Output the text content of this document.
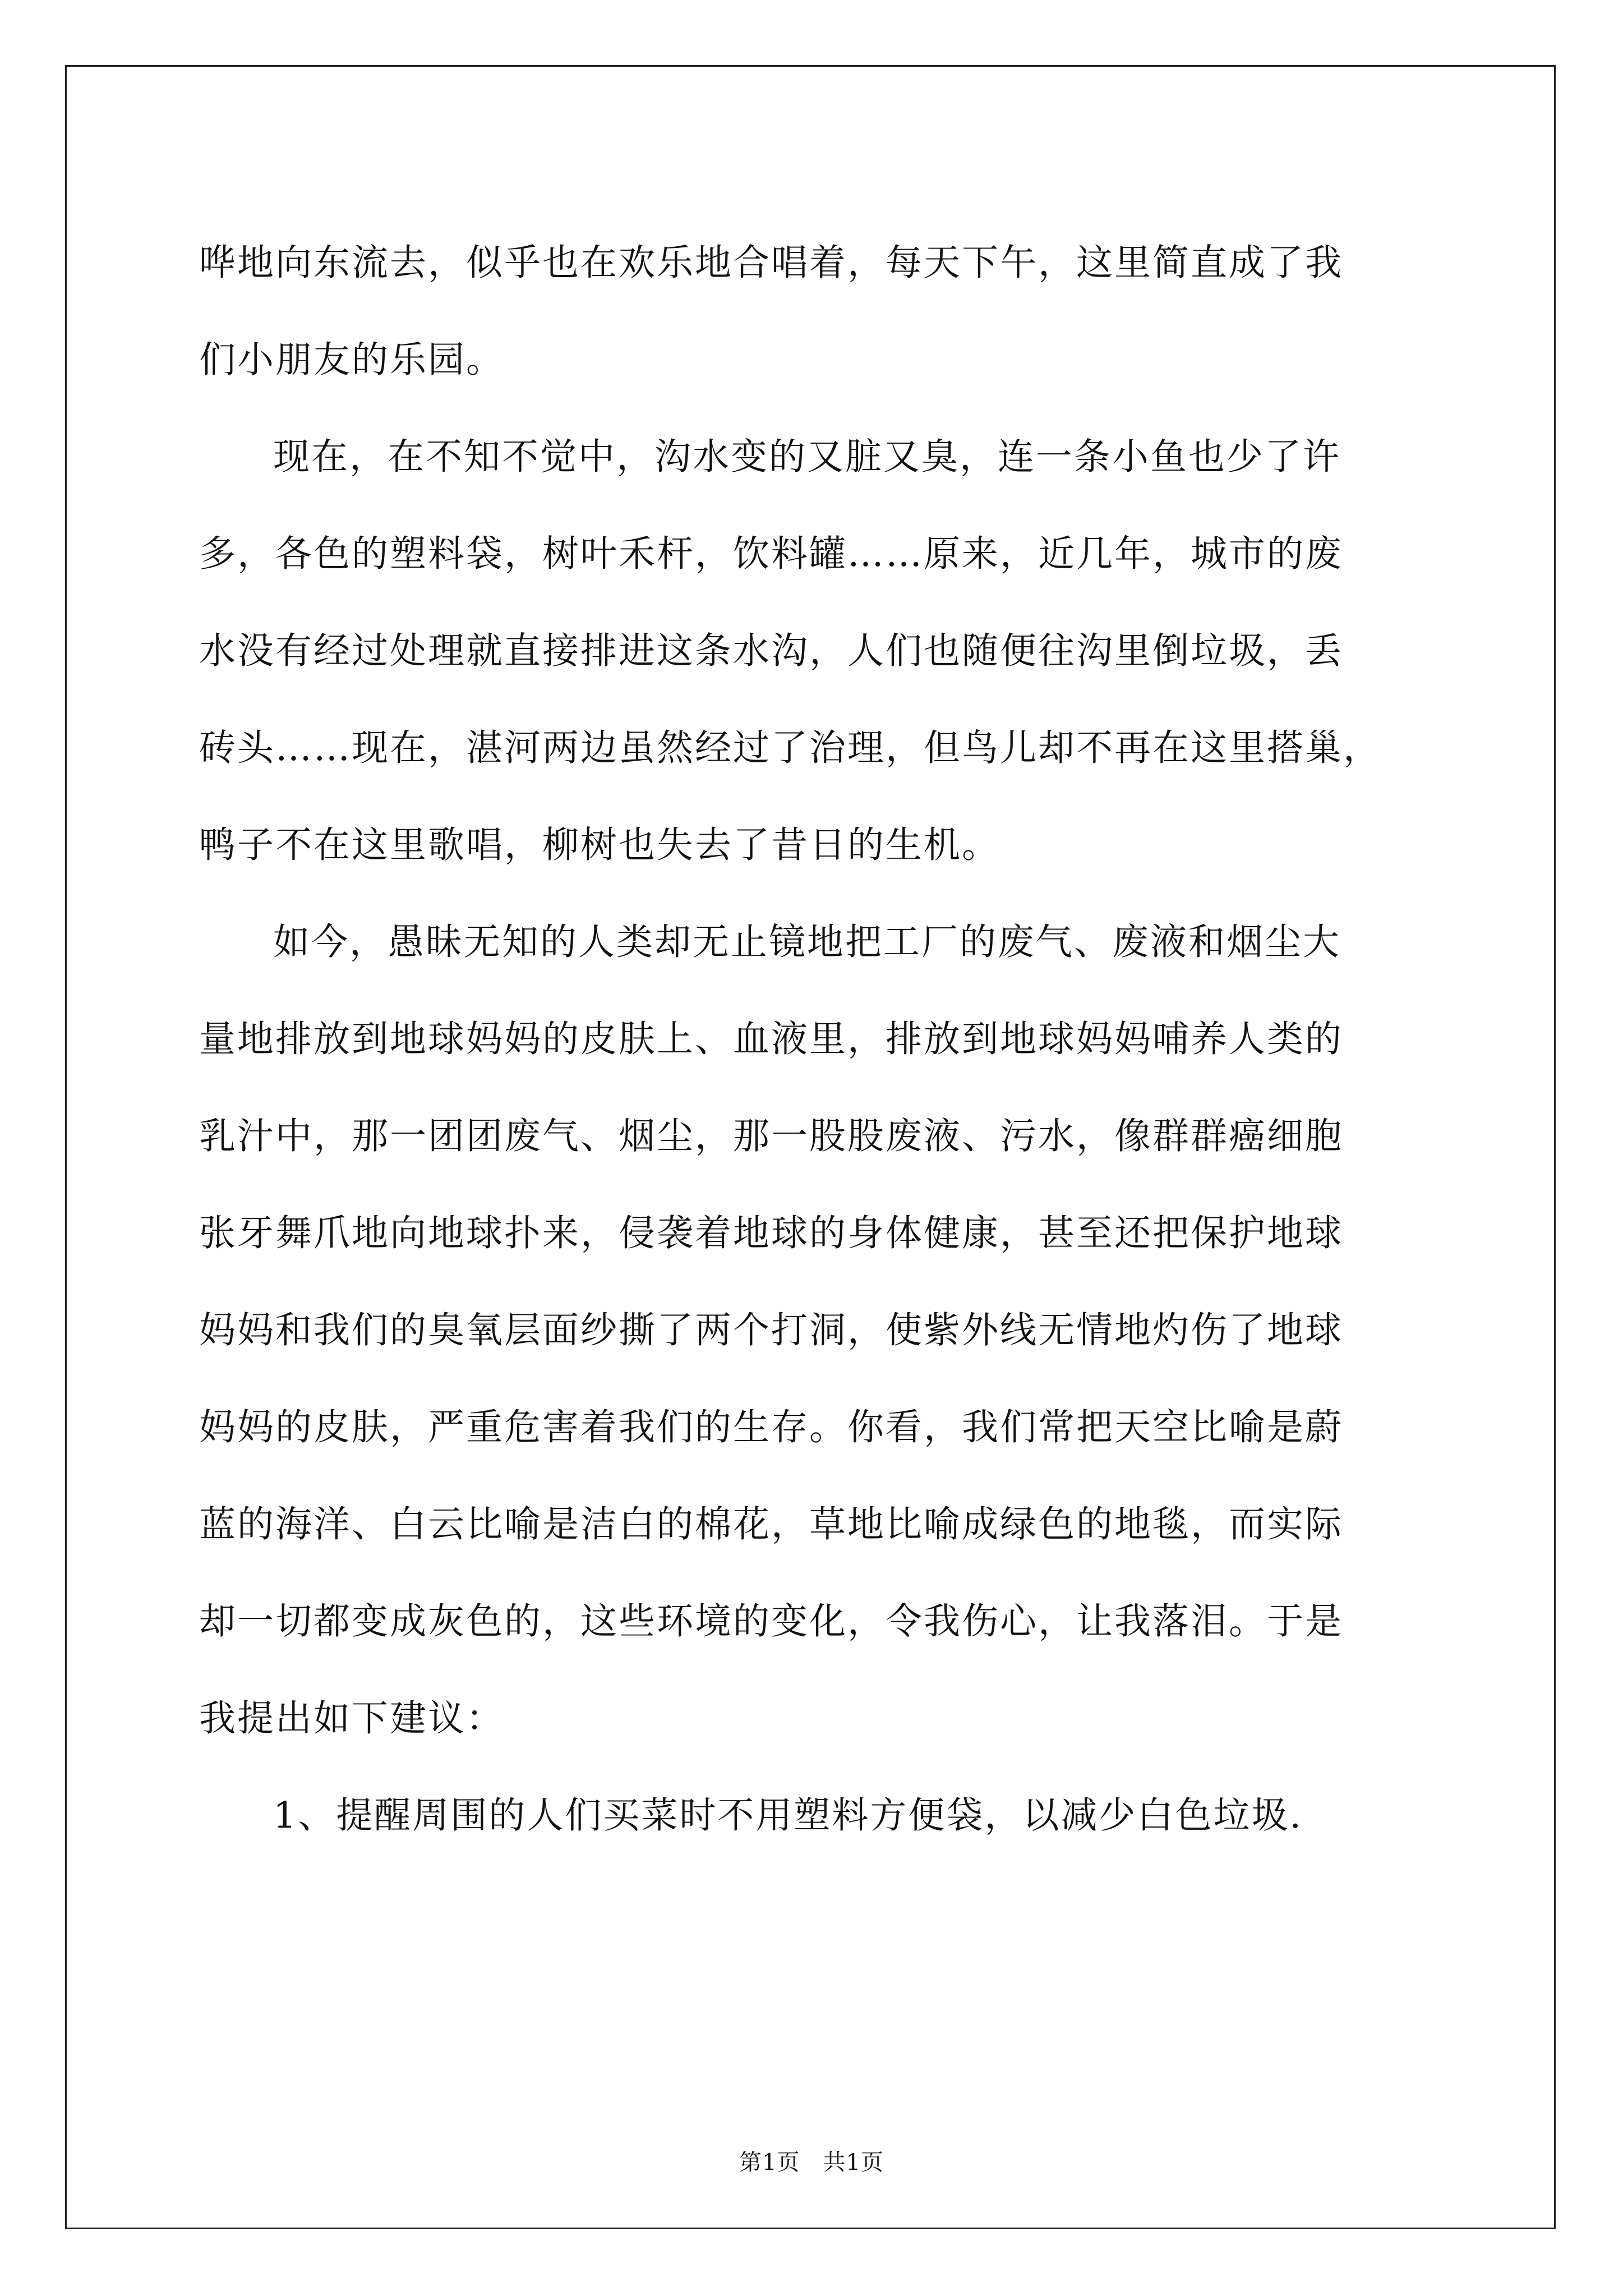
哗地向东流去，似乎也在欢乐地合唱着，每天下午，这里简直成了我

们小朋友的乐园。

现在，在不知不觉中，沟水变的又脏又臭，连一条小鱼也少了许

多，各色的塑料袋，树叶禾杆，饮料罐……原来，近几年，城市的废

水没有经过处理就直接排进这条水沟，人们也随便往沟里倒垃圾，丢

砖头……现在，湛河两边虽然经过了治理，但鸟儿却不再在这里搭巢，

鸭子不在这里歌唱，柳树也失去了昔日的生机。

如今，愚昧无知的人类却无止镜地把工厂的废气、废液和烟尘大

量地排放到地球妈妈的皮肤上、血液里，排放到地球妈妈哺养人类的

乳汁中，那一团团废气、烟尘，那一股股废液、污水，像群群癌细胞

张牙舞爪地向地球扑来，侵袭着地球的身体健康，甚至还把保护地球

妈妈和我们的臭氧层面纱撕了两个打洞，使紫外线无情地灼伤了地球

妈妈的皮肤，严重危害着我们的生存。你看，我们常把天空比喻是蔚

蓝的海洋、白云比喻是洁白的棉花，草地比喻成绿色的地毯，而实际

却一切都变成灰色的，这些环境的变化，令我伤心，让我落泪。于是

我提出如下建议：

1、提醒周围的人们买菜时不用塑料方便袋，以减少白色垃圾.

第1页　共1页
